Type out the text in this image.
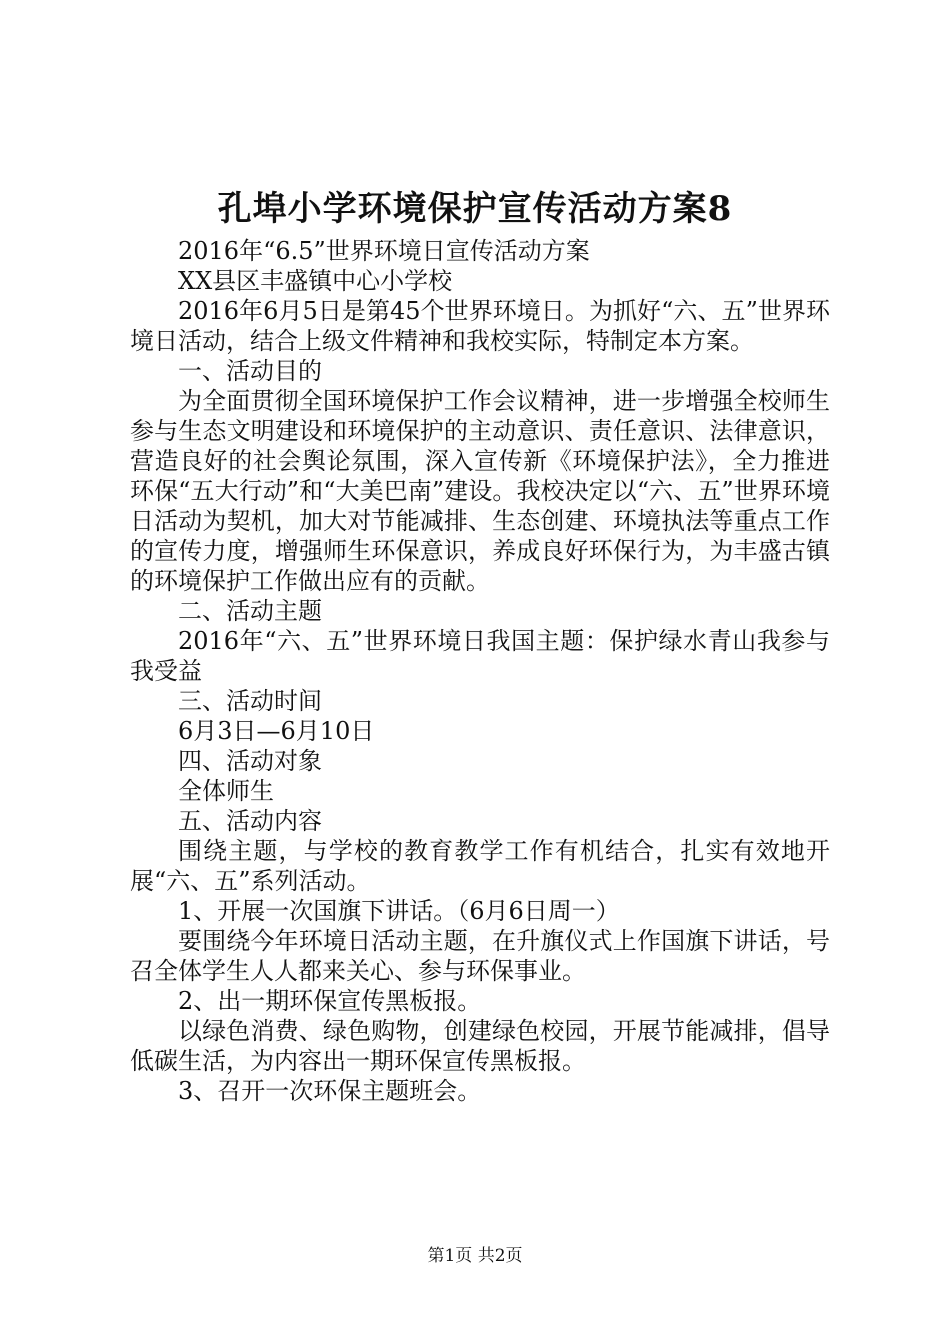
孔埠小学环境保护宣传活动方案8

2016年“6.5”世界环境日宣传活动方案

XX县区丰盛镇中心小学校

2016年6月5日是第45个世界环境日。为抓好“六、五”世界环境日活动，结合上级文件精神和我校实际，特制定本方案。

一、活动目的

为全面贯彻全国环境保护工作会议精神，进一步增强全校师生参与生态文明建设和环境保护的主动意识、责任意识、法律意识，营造良好的社会舆论氛围，深入宣传新《环境保护法》，全力推进环保“五大行动”和“大美巴南”建设。我校决定以“六、五”世界环境日活动为契机，加大对节能减排、生态创建、环境执法等重点工作的宣传力度，增强师生环保意识，养成良好环保行为，为丰盛古镇的环境保护工作做出应有的贡献。

二、活动主题

2016年“六、五”世界环境日我国主题：保护绿水青山我参与我受益

三、活动时间

6月3日—6月10日

四、活动对象

全体师生

五、活动内容

围绕主题，与学校的教育教学工作有机结合，扎实有效地开展“六、五”系列活动。

1、开展一次国旗下讲话。（6月6日周一）

要围绕今年环境日活动主题，在升旗仪式上作国旗下讲话，号召全体学生人人都来关心、参与环保事业。

2、出一期环保宣传黑板报。

以绿色消费、绿色购物，创建绿色校园，开展节能减排，倡导低碳生活，为内容出一期环保宣传黑板报。

3、召开一次环保主题班会。

第1页 共2页
